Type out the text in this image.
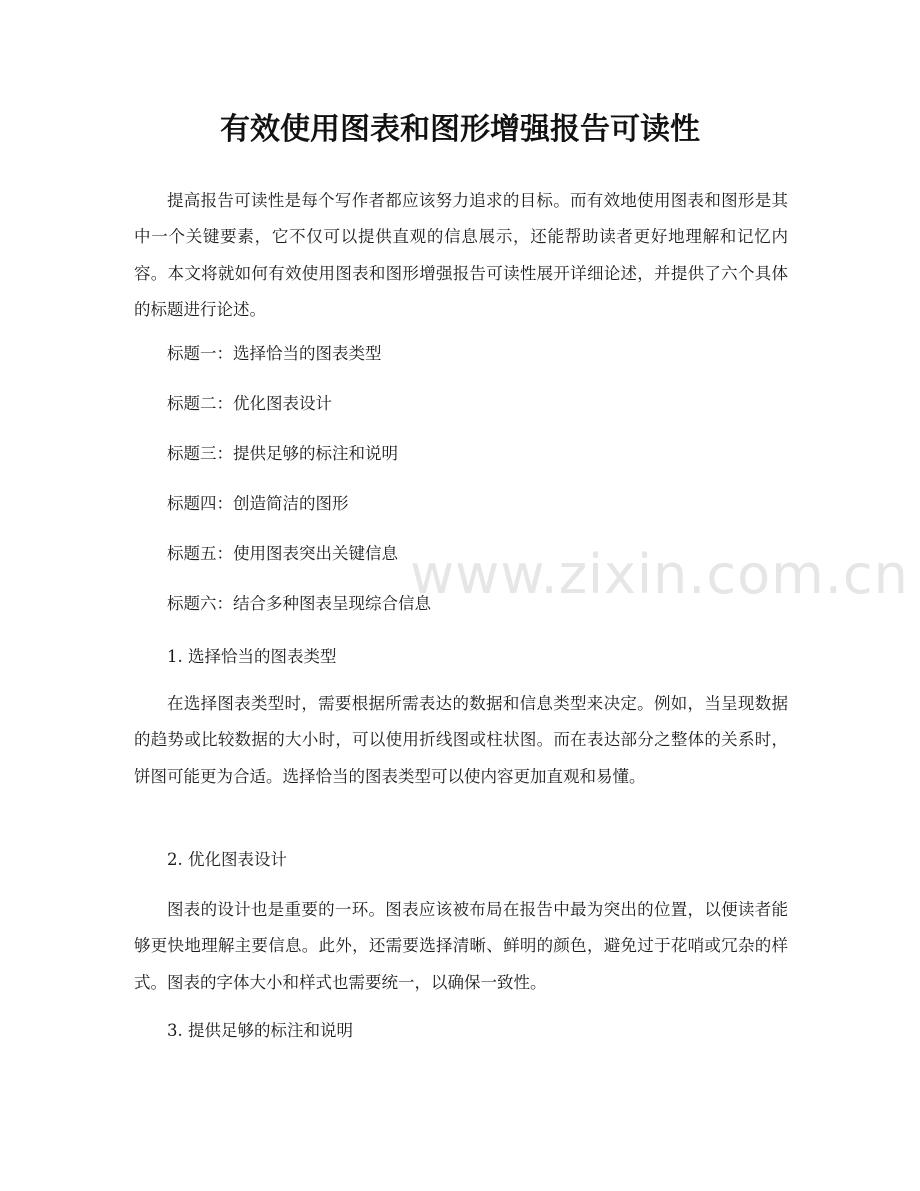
有效使用图表和图形增强报告可读性

提高报告可读性是每个写作者都应该努力追求的目标。而有效地使用图表和图形是其中一个关键要素，它不仅可以提供直观的信息展示，还能帮助读者更好地理解和记忆内容。本文将就如何有效使用图表和图形增强报告可读性展开详细论述，并提供了六个具体的标题进行论述。

标题一：选择恰当的图表类型
标题二：优化图表设计
标题三：提供足够的标注和说明
标题四：创造简洁的图形
标题五：使用图表突出关键信息
标题六：结合多种图表呈现综合信息
1. 选择恰当的图表类型

在选择图表类型时，需要根据所需表达的数据和信息类型来决定。例如，当呈现数据的趋势或比较数据的大小时，可以使用折线图或柱状图。而在表达部分之整体的关系时，饼图可能更为合适。选择恰当的图表类型可以使内容更加直观和易懂。

2. 优化图表设计

图表的设计也是重要的一环。图表应该被布局在报告中最为突出的位置，以便读者能够更快地理解主要信息。此外，还需要选择清晰、鲜明的颜色，避免过于花哨或冗杂的样式。图表的字体大小和样式也需要统一，以确保一致性。

3. 提供足够的标注和说明
www.zixin.com.cn
